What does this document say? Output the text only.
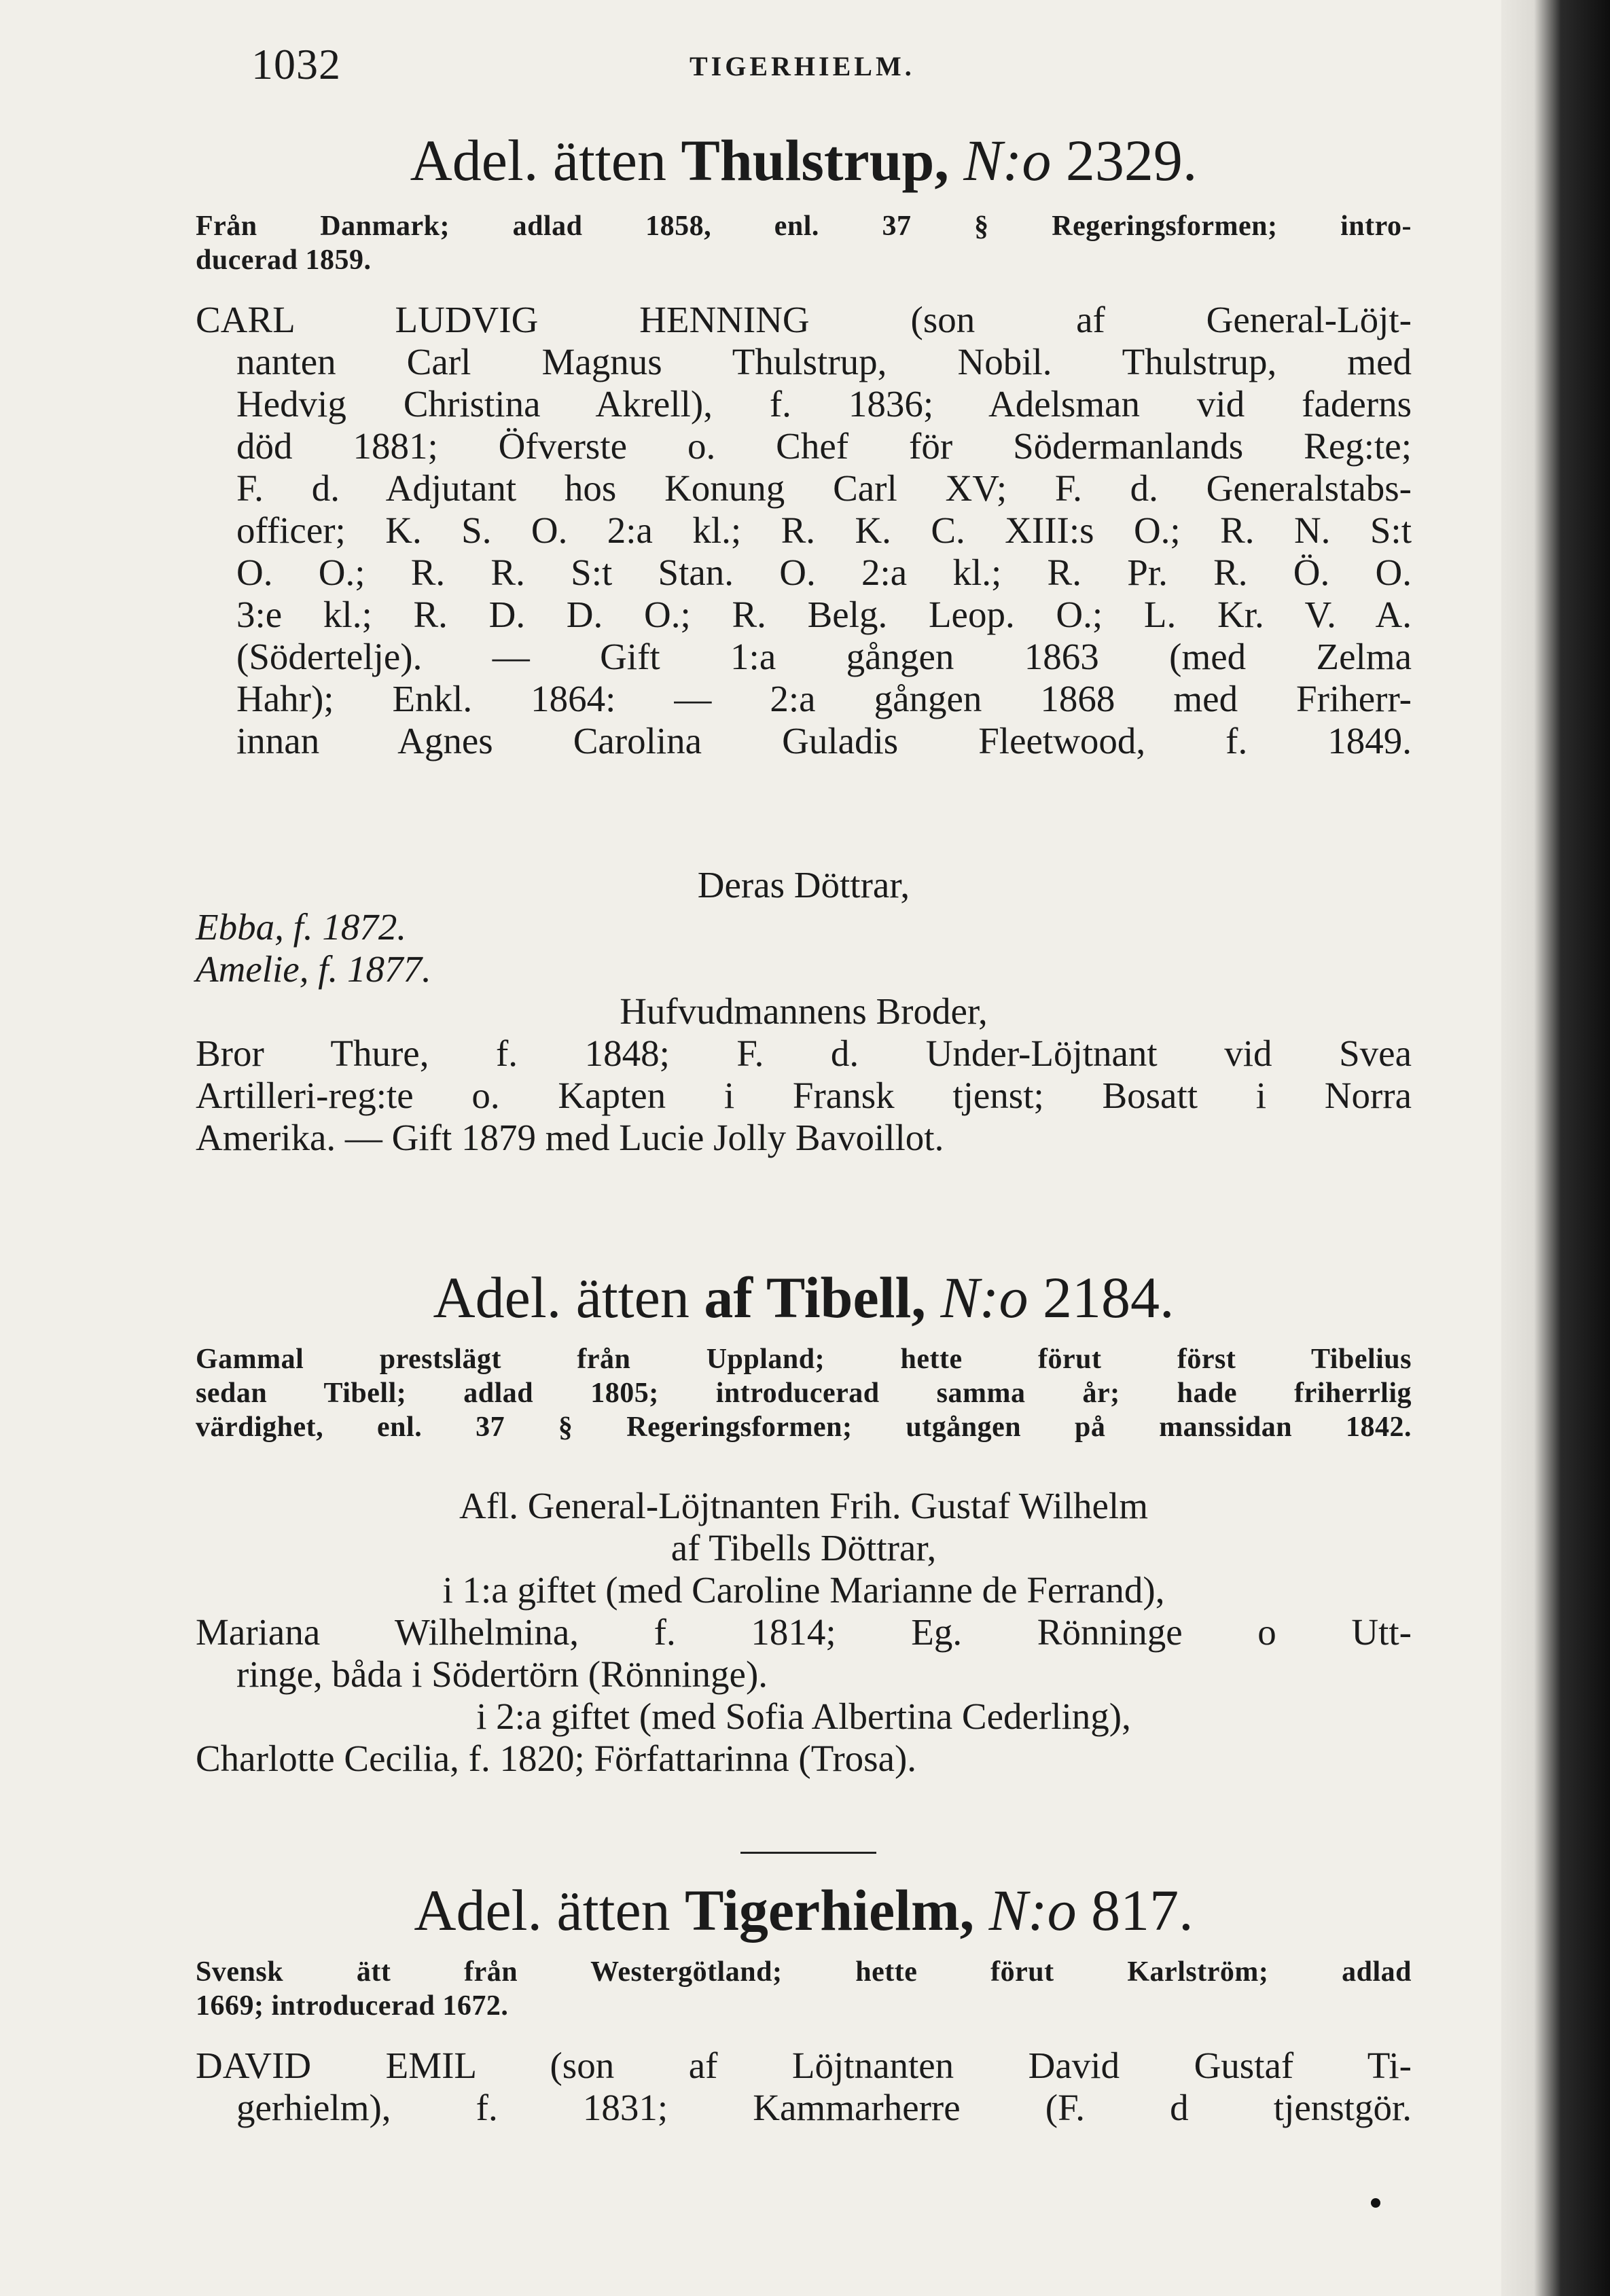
1032	TIGERHIELM.
Adel. ätten Thulstrup, N:o 2329.
Från Danmark; adlad 1858, enl. 37 § Regeringsformen; intro-
ducerad 1859.
CARL LUDVIG HENNING (son af General-Löjt-
nanten Carl Magnus Thulstrup, Nobil. Thulstrup, med
Hedvig Christina Akrell), f. 1836; Adelsman vid faderns
död 1881; Öfverste o. Chef för Södermanlands Reg:te;
F. d. Adjutant hos Konung Carl XV; F. d. Generalstabs-
officer; K. S. O. 2:a kl.; R. K. C. XIII:s O.; R. N. S:t
O. O.; R. R. S:t Stan. O. 2:a kl.; R. Pr. R. Ö. O.
3:e kl.; R. D. D. O.; R. Belg. Leop. O.; L. Kr. V. A.
(Södertelje). — Gift 1:a gången 1863 (med Zelma
Hahr); Enkl. 1864: — 2:a gången 1868 med Friherr-
innan Agnes Carolina Guladis Fleetwood, f. 1849.
Deras Döttrar,
Ebba, f. 1872.
Amelie, f. 1877.
Hufvudmannens Broder,
Bror Thure, f. 1848; F. d. Under-Löjtnant vid Svea
Artilleri-reg:te o. Kapten i Fransk tjenst; Bosatt i Norra
Amerika. — Gift 1879 med Lucie Jolly Bavoillot.
Adel. ätten af Tibell, N:o 2184.
Gammal prestslägt från Uppland; hette förut först Tibelius
sedan Tibell; adlad 1805; introducerad samma år; hade friherrlig
värdighet, enl. 37 § Regeringsformen; utgången på manssidan 1842.
Afl. General-Löjtnanten Frih. Gustaf Wilhelm
af Tibells Döttrar,
i 1:a giftet (med Caroline Marianne de Ferrand),
Mariana Wilhelmina, f. 1814; Eg. Rönninge o Utt-
ringe, båda i Södertörn (Rönninge).
i 2:a giftet (med Sofia Albertina Cederling),
Charlotte Cecilia, f. 1820; Författarinna (Trosa).
Adel. ätten Tigerhielm, N:o 817.
Svensk ätt från Westergötland; hette förut Karlström; adlad
1669; introducerad 1672.
DAVID EMIL (son af Löjtnanten David Gustaf Ti-
gerhielm), f. 1831; Kammarherre (F. d tjenstgör.
